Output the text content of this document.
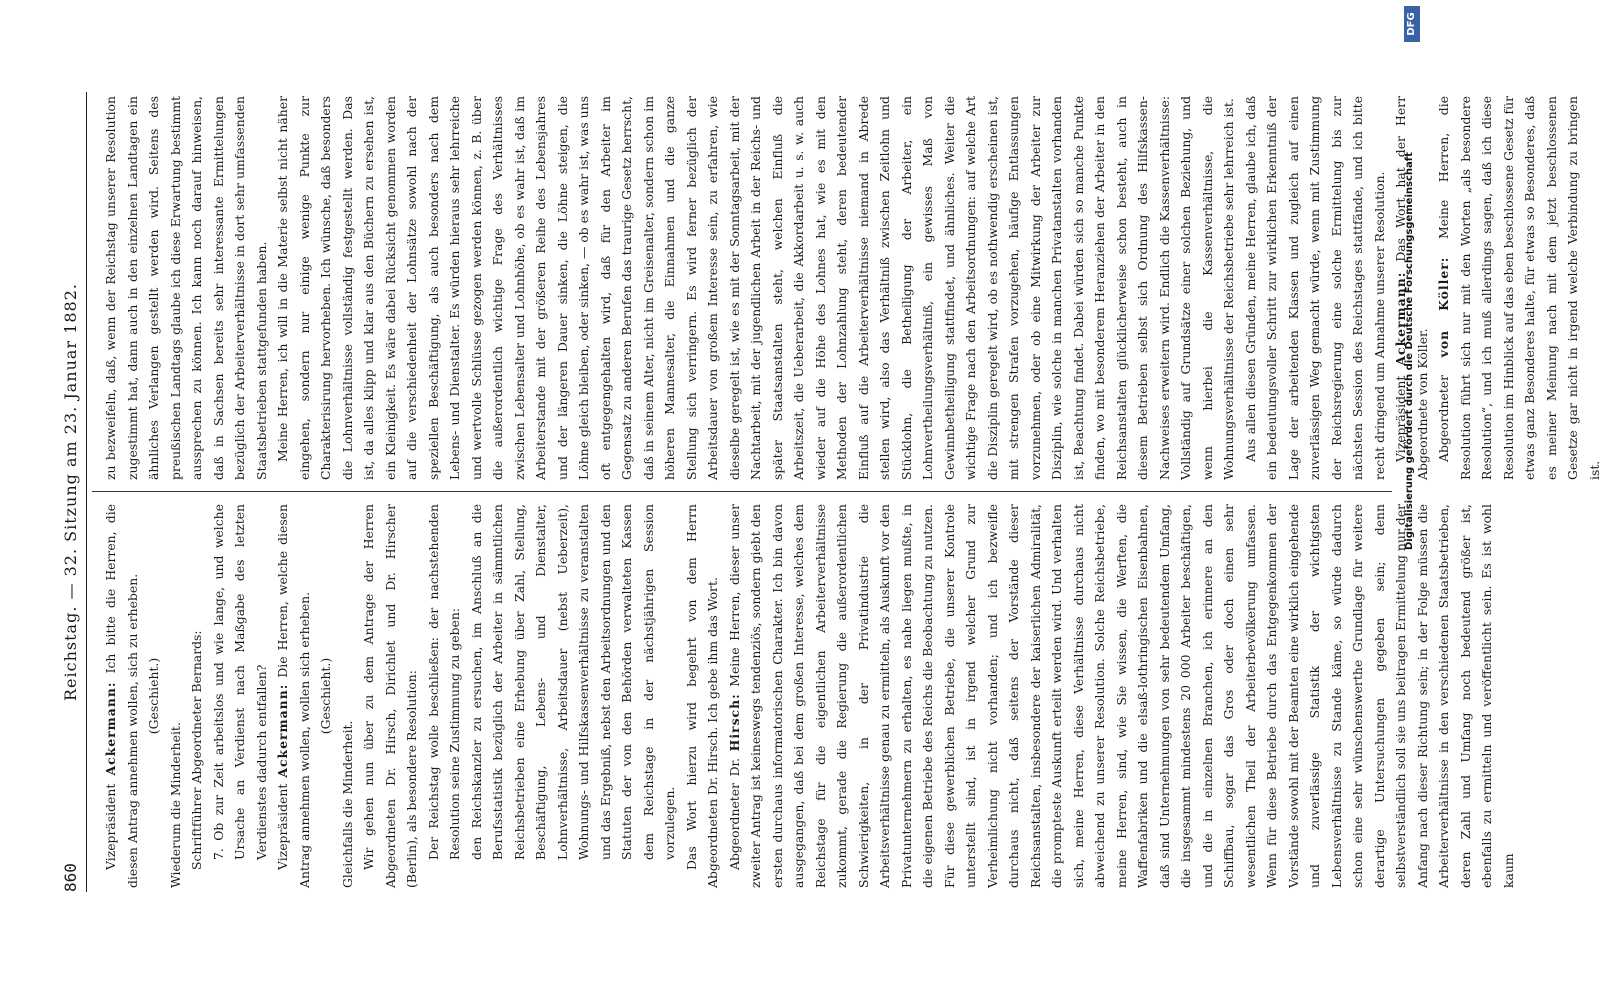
860
Reichstag. — 32. Sitzung am 23. Januar 1882.

Vizepräsident Ackermann: Ich bitte die Herren, die diesen Antrag annehmen wollen, sich zu erheben. (Geschieht.)

Wiederum die Minderheit. Schriftführer Abgeordneter Bernards: 7. Ob zur Zeit arbeitslos und wie lange, und welche Ursache an Verdienst nach Maßgabe des letzten Verdienstes dadurch entfallen? Vizepräsident Ackermann: Die Herren, welche diesen Antrag annehmen wollen, wollen sich erheben. (Geschieht.)

Gleichfalls die Minderheit. Wir gehen nun über zu dem Antrage der Herren Abgeordneten Dr. Hirsch, Dirichlet und Dr. Hirscher (Berlin), als besondere Resolution: Der Reichstag wolle beschließen: der nachstehenden Resolution seine Zustimmung zu geben: den Reichskanzler zu ersuchen, im Anschluß an die Berufsstatistik bezüglich der Arbeiter in sämmtlichen Reichsbetrieben eine Erhebung über Zahl, Stellung, Beschäftigung, Lebens- und Dienstalter, Lohnverhältnisse, Arbeitsdauer (nebst Ueberzeit), Wohnungs- und Hilfskassenverhältnisse zu veranstalten und das Ergebniß, nebst den Arbeitsordnungen und den Statuten der von den Behörden verwalteten Kassen dem Reichstage in der nächstjährigen Session vorzulegen. Das Wort hierzu wird begehrt von dem Herrn Abgeordneten Dr. Hirsch. Ich gebe ihm das Wort. Abgeordneter Dr. Hirsch: Meine Herren, dieser unser zweiter Antrag ist keineswegs tendenziös, sondern giebt den ersten durchaus informatorischen Charakter. Ich bin davon ausgegangen, daß bei dem großen Interesse, welches dem Reichstage für die eigentlichen Arbeiterverhältnisse zukommt, gerade die Regierung die außerordentlichen Schwierigkeiten, in der Privatindustrie die Arbeitsverhältnisse genau zu ermitteln, als Auskunft vor den Privatunternehmern zu erhalten, es nahe liegen mußte, in die eigenen Betriebe des Reichs die Beobachtung zu nutzen. Für diese gewerblichen Betriebe, die unserer Kontrole unterstellt sind, ist in irgend welcher Grund zur Verheimlichung nicht vorhanden; und ich bezweifle durchaus nicht, daß seitens der Vorstände dieser Reichsanstalten, insbesondere der kaiserlichen Admiralität, die prompteste Auskunft erteilt werden wird. Und verhalten sich, meine Herren, diese Verhältnisse durchaus nicht abweichend zu unserer Resolution. Solche Reichsbetriebe, meine Herren, sind, wie Sie wissen, die Werften, die Waffenfabriken und die elsaß-lothringischen Eisenbahnen, daß sind Unternehmungen von sehr bedeutendem Umfang, die insgesammt mindestens 20 000 Arbeiter beschäftigen, und die in einzelnen Branchen, ich erinnere an den Schiffbau, sogar das Gros oder doch einen sehr wesentlichen Theil der Arbeiterbevölkerung umfassen. Wenn für diese Betriebe durch das Entgegenkommen der Vorstände sowohl mit der Beamten eine wirklich eingehende und zuverlässige Statistik der wichtigsten Lebensverhältnisse zu Stande käme, so würde dadurch schon eine sehr wünschenswerthe Grundlage für weitere derartige Untersuchungen gegeben sein; denn selbstverständlich soll sie uns beitragen Ermittelung nur der Anfang nach dieser Richtung sein; in der Folge müssen die Arbeiterverhältnisse in den verschiedenen Staatsbetrieben, deren Zahl und Umfang noch bedeutend größer ist, ebenfalls zu ermitteln und veröffentlicht sein. Es ist wohl kaum

zu bezweifeln, daß, wenn der Reichstag unserer Resolution zugestimmt hat, dann auch in den einzelnen Landtagen ein ähnliches Verlangen gestellt werden wird. Seitens des preußischen Landtags glaube ich diese Erwartung bestimmt aussprechen zu können. Ich kann noch darauf hinweisen, daß in Sachsen bereits sehr interessante Ermittelungen bezüglich der Arbeiterverhältnisse in dort sehr umfassenden Staatsbetrieben stattgefunden haben. Meine Herren, ich will in die Materie selbst nicht näher eingehen, sondern nur einige wenige Punkte zur Charakterisirung hervorheben. Ich wünsche, daß besonders die Lohnverhältnisse vollständig festgestellt werden. Das ist, da alles klipp und klar aus den Büchern zu ersehen ist, ein Kleinigkeit. Es wäre dabei Rücksicht genommen worden auf die verschiedenheit der Lohnsätze sowohl nach der speziellen Beschäftigung, als auch besonders nach dem Lebens- und Dienstalter. Es würden hieraus sehr lehrreiche und wertvolle Schlüsse gezogen werden können, z. B. über die außerordentlich wichtige Frage des Verhältnisses zwischen Lebensalter und Lohnhöhe, ob es wahr ist, daß im Arbeiterstande mit der größeren Reihe des Lebensjahres und der längeren Dauer sinken, die Löhne steigen, die Löhne gleich bleiben, oder sinken, — ob es wahr ist, was uns oft entgegengehalten wird, daß für den Arbeiter im Gegensatz zu anderen Berufen das traurige Gesetz herrscht, daß in seinem Alter, nicht im Greisenalter, sondern schon im höheren Mannesalter, die Einnahmen und die ganze Stellung sich verringern. Es wird ferner bezüglich der Arbeitsdauer von großem Interesse sein, zu erfahren, wie dieselbe geregelt ist, wie es mit der Sonntagsarbeit, mit der Nachtarbeit, mit der jugendlichen Arbeit in der Reichs- und später Staatsanstalten steht, welchen Einfluß die Arbeitszeit, die Ueberarbeit, die Akkordarbeit u. s. w. auch wieder auf die Höhe des Lohnes hat, wie es mit den Methoden der Lohnzahlung steht, deren bedeutender Einfluß auf die Arbeiterverhältnisse niemand in Abrede stellen wird, also das Verhältniß zwischen Zeitlohn und Stücklohn, die Betheiligung der Arbeiter, ein Lohnvertheilungsverhältniß, ein gewisses Maß von Gewinnbetheiligung stattfindet, und ähnliches. Weiter die wichtige Frage nach den Arbeitsordnungen: auf welche Art die Disziplin geregelt wird, ob es nothwendig erscheinen ist, mit strengen Strafen vorzugehen, häufige Entlassungen vorzunehmen, oder ob eine Mitwirkung der Arbeiter zur Disziplin, wie solche in manchen Privatanstalten vorhanden ist, Beachtung findet. Dabei würden sich so manche Punkte finden, wo mit besonderem Heranziehen der Arbeiter in den Reichsanstalten glücklicherweise schon besteht, auch in diesem Betrieben selbst sich Ordnung des Hilfskassen-Nachweises erweitern wird. Endlich die Kassenverhältnisse: Vollständig auf Grundsätze einer solchen Beziehung, und wenn hierbei die Kassenverhältnisse, die Wohnungsverhältnisse der Reichsbetriebe sehr lehrreich ist. Aus allen diesen Gründen, meine Herren, glaube ich, daß ein bedeutungsvoller Schritt zur wirklichen Erkenntniß der Lage der arbeitenden Klassen und zugleich auf einen zuverlässigen Weg gemacht würde, wenn mit Zustimmung der Reichsregierung eine solche Ermittelung bis zur nächsten Session des Reichstages stattfände, und ich bitte recht dringend um Annahme unserer Resolution. Vizepräsident Ackermann: Das Wort hat der Herr Abgeordnete von Köller. Abgeordneter von Köller: Meine Herren, die Resolution führt sich nur mit den Worten „als besondere Resolution“, und ich muß allerdings sagen, daß ich diese Resolution im Hinblick auf das eben beschlossene Gesetz für etwas ganz Besonderes halte, für etwas so Besonderes, daß es meiner Meinung nach mit dem jetzt beschlossenen Gesetze gar nicht in irgend welche Verbindung zu bringen ist.

Digitalisierung gefördert durch die Deutsche Forschungsgemeinschaft
DFG
